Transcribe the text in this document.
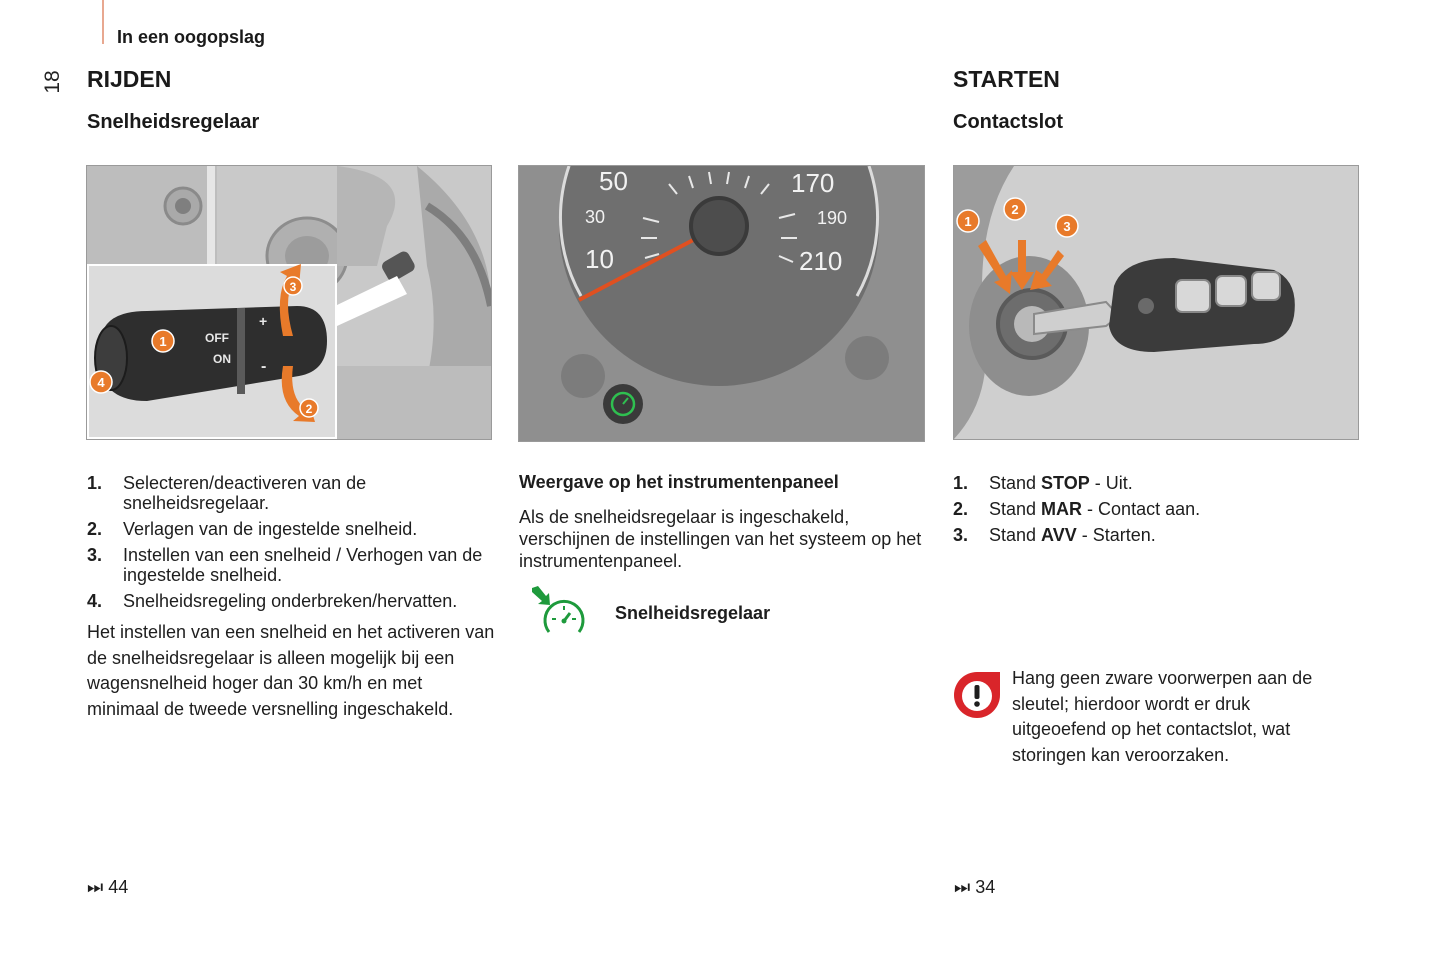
In een oogopslag
18 RIJDEN
Snelheidsregelaar
OFF
ON
+
-
1
2
3
4
1. Selecteren/deactiveren van de snelheidsregelaar.
2. Verlagen van de ingestelde snelheid.
3. Instellen van een snelheid / Verhogen van de ingestelde snelheid.
4. Snelheidsregeling onderbreken/hervatten.
Het instellen van een snelheid en het activeren van de snelheidsregelaar is alleen mogelijk bij een wagensnelheid hoger dan 30 km/h en met minimaal de tweede versnelling ingeschakeld.
⏭ 44
50
30
10
170
190
210
Weergave op het instrumentenpaneel
Als de snelheidsregelaar is ingeschakeld, verschijnen de instellingen van het systeem op het instrumentenpaneel.
Snelheidsregelaar
STARTEN
Contactslot
1
2
3
1. Stand STOP - Uit.
2. Stand MAR - Contact aan.
3. Stand AVV - Starten.
Hang geen zware voorwerpen aan de sleutel; hierdoor wordt er druk uitgeoefend op het contactslot, wat storingen kan veroorzaken.
⏭ 34
